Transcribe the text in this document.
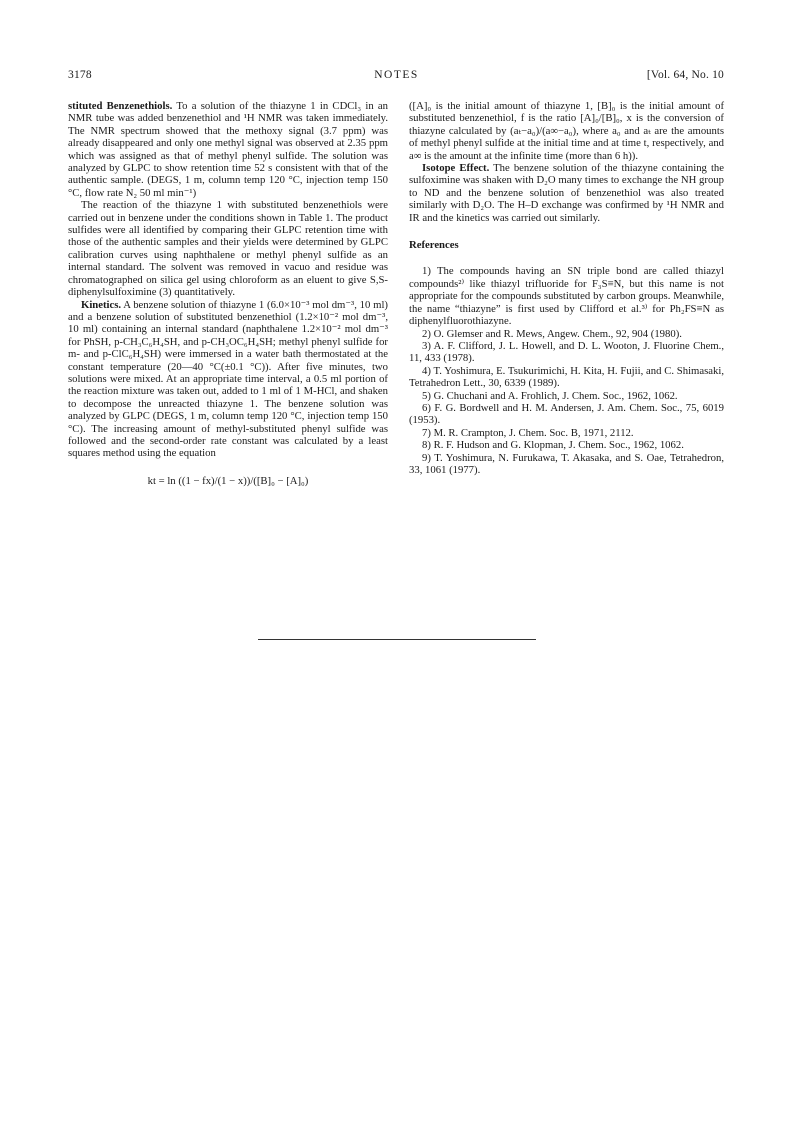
3178	NOTES	[Vol. 64, No. 10

stituted Benzenethiols. To a solution of the thiazyne 1 in CDCl₃ in an NMR tube was added benzenethiol and ¹H NMR was taken immediately. The NMR spectrum showed that the methoxy signal (3.7 ppm) was already disappeared and only one methyl signal was observed at 2.35 ppm which was assigned as that of methyl phenyl sulfide. The solution was analyzed by GLPC to show retention time 52 s consistent with that of the authentic sample. (DEGS, 1 m, column temp 120 °C, injection temp 150 °C, flow rate N₂ 50 ml min⁻¹)

The reaction of the thiazyne 1 with substituted benzenethiols were carried out in benzene under the conditions shown in Table 1. The product sulfides were all identified by comparing their GLPC retention time with those of the authentic samples and their yields were determined by GLPC calibration curves using naphthalene or methyl phenyl sulfide as an internal standard. The solvent was removed in vacuo and residue was chromatographed on silica gel using chloroform as an eluent to give S,S-diphenylsulfoximine (3) quantitatively.

Kinetics. A benzene solution of thiazyne 1 (6.0×10⁻³ mol dm⁻³, 10 ml) and a benzene solution of substituted benzenethiol (1.2×10⁻² mol dm⁻³, 10 ml) containing an internal standard (naphthalene 1.2×10⁻² mol dm⁻³ for PhSH, p-CH₃C₆H₄SH, and p-CH₃OC₆H₄SH; methyl phenyl sulfide for m- and p-ClC₆H₄SH) were immersed in a water bath thermostated at the constant temperature (20—40 °C(±0.1 °C)). After five minutes, two solutions were mixed. At an appropriate time interval, a 0.5 ml portion of the reaction mixture was taken out, added to 1 ml of 1 M-HCl, and shaken to decompose the unreacted thiazyne 1. The benzene solution was analyzed by GLPC (DEGS, 1 m, column temp 120 °C, injection temp 150 °C). The increasing amount of methyl-substituted phenyl sulfide was followed and the second-order rate constant was calculated by a least squares method using the equation

kt = ln ((1 − fx)/(1 − x))/([B]₀ − [A]₀)

([A]₀ is the initial amount of thiazyne 1, [B]₀ is the initial amount of substituted benzenethiol, f is the ratio [A]₀/[B]₀, x is the conversion of thiazyne calculated by (aₜ−a₀)/(a∞−a₀), where a₀ and aₜ are the amounts of methyl phenyl sulfide at the initial time and at time t, respectively, and a∞ is the amount at the infinite time (more than 6 h)).

Isotope Effect. The benzene solution of the thiazyne containing the sulfoximine was shaken with D₂O many times to exchange the NH group to ND and the benzene solution of benzenethiol was also treated similarly with D₂O. The H–D exchange was confirmed by ¹H NMR and IR and the kinetics was carried out similarly.

References

1) The compounds having an SN triple bond are called thiazyl compounds²⁾ like thiazyl trifluoride for F₃S≡N, but this name is not appropriate for the compounds substituted by carbon groups. Meanwhile, the name “thiazyne” is first used by Clifford et al.³⁾ for Ph₂FS≡N as diphenylfluorothiazyne.

2) O. Glemser and R. Mews, Angew. Chem., 92, 904 (1980).

3) A. F. Clifford, J. L. Howell, and D. L. Wooton, J. Fluorine Chem., 11, 433 (1978).

4) T. Yoshimura, E. Tsukurimichi, H. Kita, H. Fujii, and C. Shimasaki, Tetrahedron Lett., 30, 6339 (1989).

5) G. Chuchani and A. Frohlich, J. Chem. Soc., 1962, 1062.

6) F. G. Bordwell and H. M. Andersen, J. Am. Chem. Soc., 75, 6019 (1953).

7) M. R. Crampton, J. Chem. Soc. B, 1971, 2112.

8) R. F. Hudson and G. Klopman, J. Chem. Soc., 1962, 1062.

9) T. Yoshimura, N. Furukawa, T. Akasaka, and S. Oae, Tetrahedron, 33, 1061 (1977).
